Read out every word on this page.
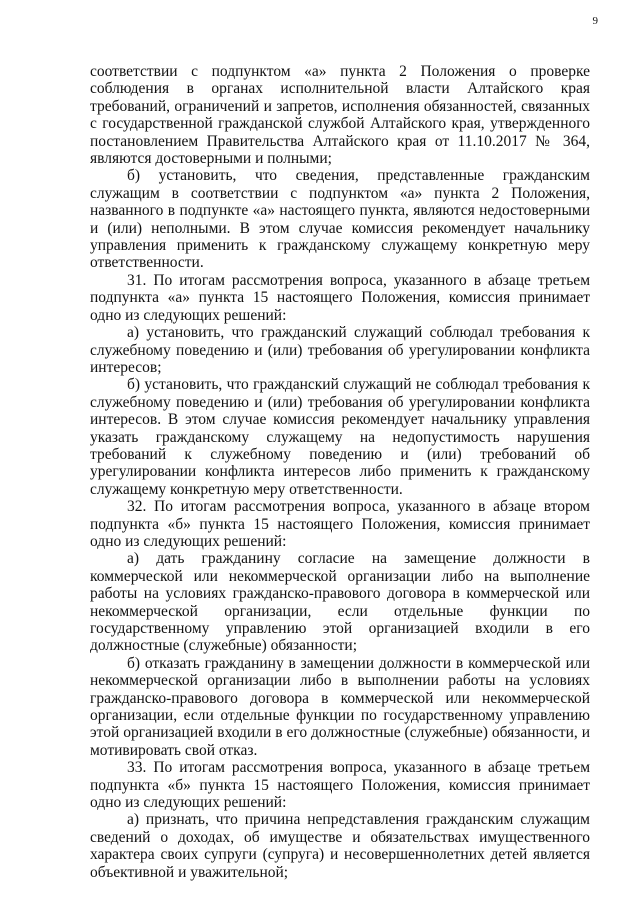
9

соответствии с подпунктом «а» пункта 2 Положения о проверке соблюдения в органах исполнительной власти Алтайского края требований, ограничений и запретов, исполнения обязанностей, связанных с государственной гражданской службой Алтайского края, утвержденного постановлением Правительства Алтайского края от 11.10.2017 № 364, являются достоверными и полными;

б) установить, что сведения, представленные гражданским служащим в соответствии с подпунктом «а» пункта 2 Положения, названного в подпункте «а» настоящего пункта, являются недостоверными и (или) неполными. В этом случае комиссия рекомендует начальнику управления применить к гражданскому служащему конкретную меру ответственности.

31. По итогам рассмотрения вопроса, указанного в абзаце третьем подпункта «а» пункта 15 настоящего Положения, комиссия принимает одно из следующих решений:

а) установить, что гражданский служащий соблюдал требования к служебному поведению и (или) требования об урегулировании конфликта интересов;

б) установить, что гражданский служащий не соблюдал требования к служебному поведению и (или) требования об урегулировании конфликта интересов. В этом случае комиссия рекомендует начальнику управления указать гражданскому служащему на недопустимость нарушения требований к служебному поведению и (или) требований об урегулировании конфликта интересов либо применить к гражданскому служащему конкретную меру ответственности.

32. По итогам рассмотрения вопроса, указанного в абзаце втором подпункта «б» пункта 15 настоящего Положения, комиссия принимает одно из следующих решений:

а) дать гражданину согласие на замещение должности в коммерческой или некоммерческой организации либо на выполнение работы на условиях гражданско-правового договора в коммерческой или некоммерческой организации, если отдельные функции по государственному управлению этой организацией входили в его должностные (служебные) обязанности;

б) отказать гражданину в замещении должности в коммерческой или некоммерческой организации либо в выполнении работы на условиях гражданско-правового договора в коммерческой или некоммерческой организации, если отдельные функции по государственному управлению этой организацией входили в его должностные (служебные) обязанности, и мотивировать свой отказ.

33. По итогам рассмотрения вопроса, указанного в абзаце третьем подпункта «б» пункта 15 настоящего Положения, комиссия принимает одно из следующих решений:

а) признать, что причина непредставления гражданским служащим сведений о доходах, об имуществе и обязательствах имущественного характера своих супруги (супруга) и несовершеннолетних детей является объективной и уважительной;
